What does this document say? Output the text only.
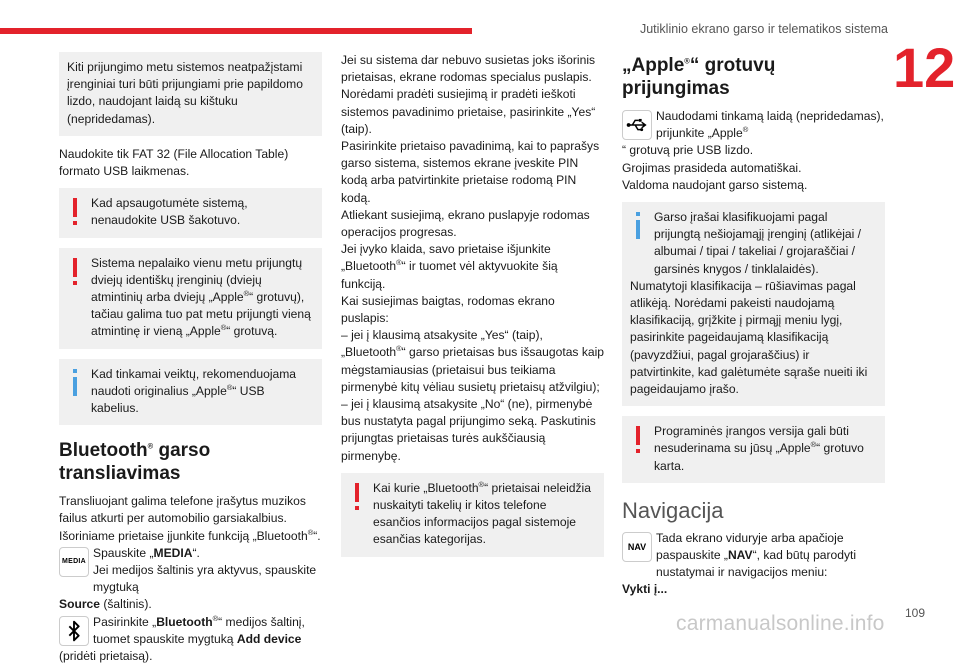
Jutiklinio ekrano garso ir telematikos sistema
12

Kiti prijungimo metu sistemos neatpažįstami įrenginiai turi būti prijungiami prie papildomo lizdo, naudojant laidą su kištuku (nepridedamas).

Naudokite tik FAT 32 (File Allocation Table) formato USB laikmenas.

Kad apsaugotumėte sistemą, nenaudokite USB šakotuvo.

Sistema nepalaiko vienu metu prijungtų dviejų identiškų įrenginių (dviejų atmintinių arba dviejų „Apple®“ grotuvų), tačiau galima tuo pat metu prijungti vieną atmintinę ir vieną „Apple®“ grotuvą.

Kad tinkamai veiktų, rekomenduojama naudoti originalius „Apple®“ USB kabelius.

Bluetooth® garso transliavimas

Transliuojant galima telefone įrašytus muzikos failus atkurti per automobilio garsiakalbius. Išoriniame prietaise įjunkite funkciją „Bluetooth®“.

MEDIA

Spauskite „MEDIA“.

Jei medijos šaltinis yra aktyvus, spauskite mygtuką

Source (šaltinis).

Pasirinkite „Bluetooth®“ medijos šaltinį, tuomet spauskite mygtuką Add device

(pridėti prietaisą).

Jei su sistema dar nebuvo susietas joks išorinis prietaisas, ekrane rodomas specialus puslapis. Norėdami pradėti susiejimą ir pradėti ieškoti sistemos pavadinimo prietaise, pasirinkite „Yes“ (taip).

Pasirinkite prietaiso pavadinimą, kai to paprašys garso sistema, sistemos ekrane įveskite PIN kodą arba patvirtinkite prietaise rodomą PIN kodą.

Atliekant susiejimą, ekrano puslapyje rodomas operacijos progresas.

Jei įvyko klaida, savo prietaise išjunkite „Bluetooth®“ ir tuomet vėl aktyvuokite šią funkciją.

Kai susiejimas baigtas, rodomas ekrano puslapis:

– jei į klausimą atsakysite „Yes“ (taip), „Bluetooth®“ garso prietaisas bus išsaugotas kaip mėgstamiausias (prietaisui bus teikiama pirmenybė kitų vėliau susietų prietaisų atžvilgiu);

– jei į klausimą atsakysite „No“ (ne), pirmenybė bus nustatyta pagal prijungimo seką. Paskutinis prijungtas prietaisas turės aukščiausią pirmenybę.

Kai kurie „Bluetooth®“ prietaisai neleidžia nuskaityti takelių ir kitos telefone esančios informacijos pagal sistemoje esančias kategorijas.

„Apple®“ grotuvų prijungimas

Naudodami tinkamą laidą (nepridedamas), prijunkite „Apple®

“ grotuvą prie USB lizdo.

Grojimas prasideda automatiškai.

Valdoma naudojant garso sistemą.

Garso įrašai klasifikuojami pagal prijungtą nešiojamąjį įrenginį (atlikėjai / albumai / tipai / takeliai / grojaraščiai / garsinės knygos / tinklalaidės).

Numatytoji klasifikacija – rūšiavimas pagal atlikėją. Norėdami pakeisti naudojamą klasifikaciją, grįžkite į pirmąjį meniu lygį, pasirinkite pageidaujamą klasifikaciją (pavyzdžiui, pagal grojaraščius) ir patvirtinkite, kad galėtumėte sąraše nueiti iki pageidaujamo įrašo.

Programinės įrangos versija gali būti nesuderinama su jūsų „Apple®“ grotuvo karta.

Navigacija
NAV

Tada ekrano viduryje arba apačioje paspauskite „NAV“, kad būtų parodyti nustatymai ir navigacijos meniu:

Vykti į...

carmanualsonline.info 109
